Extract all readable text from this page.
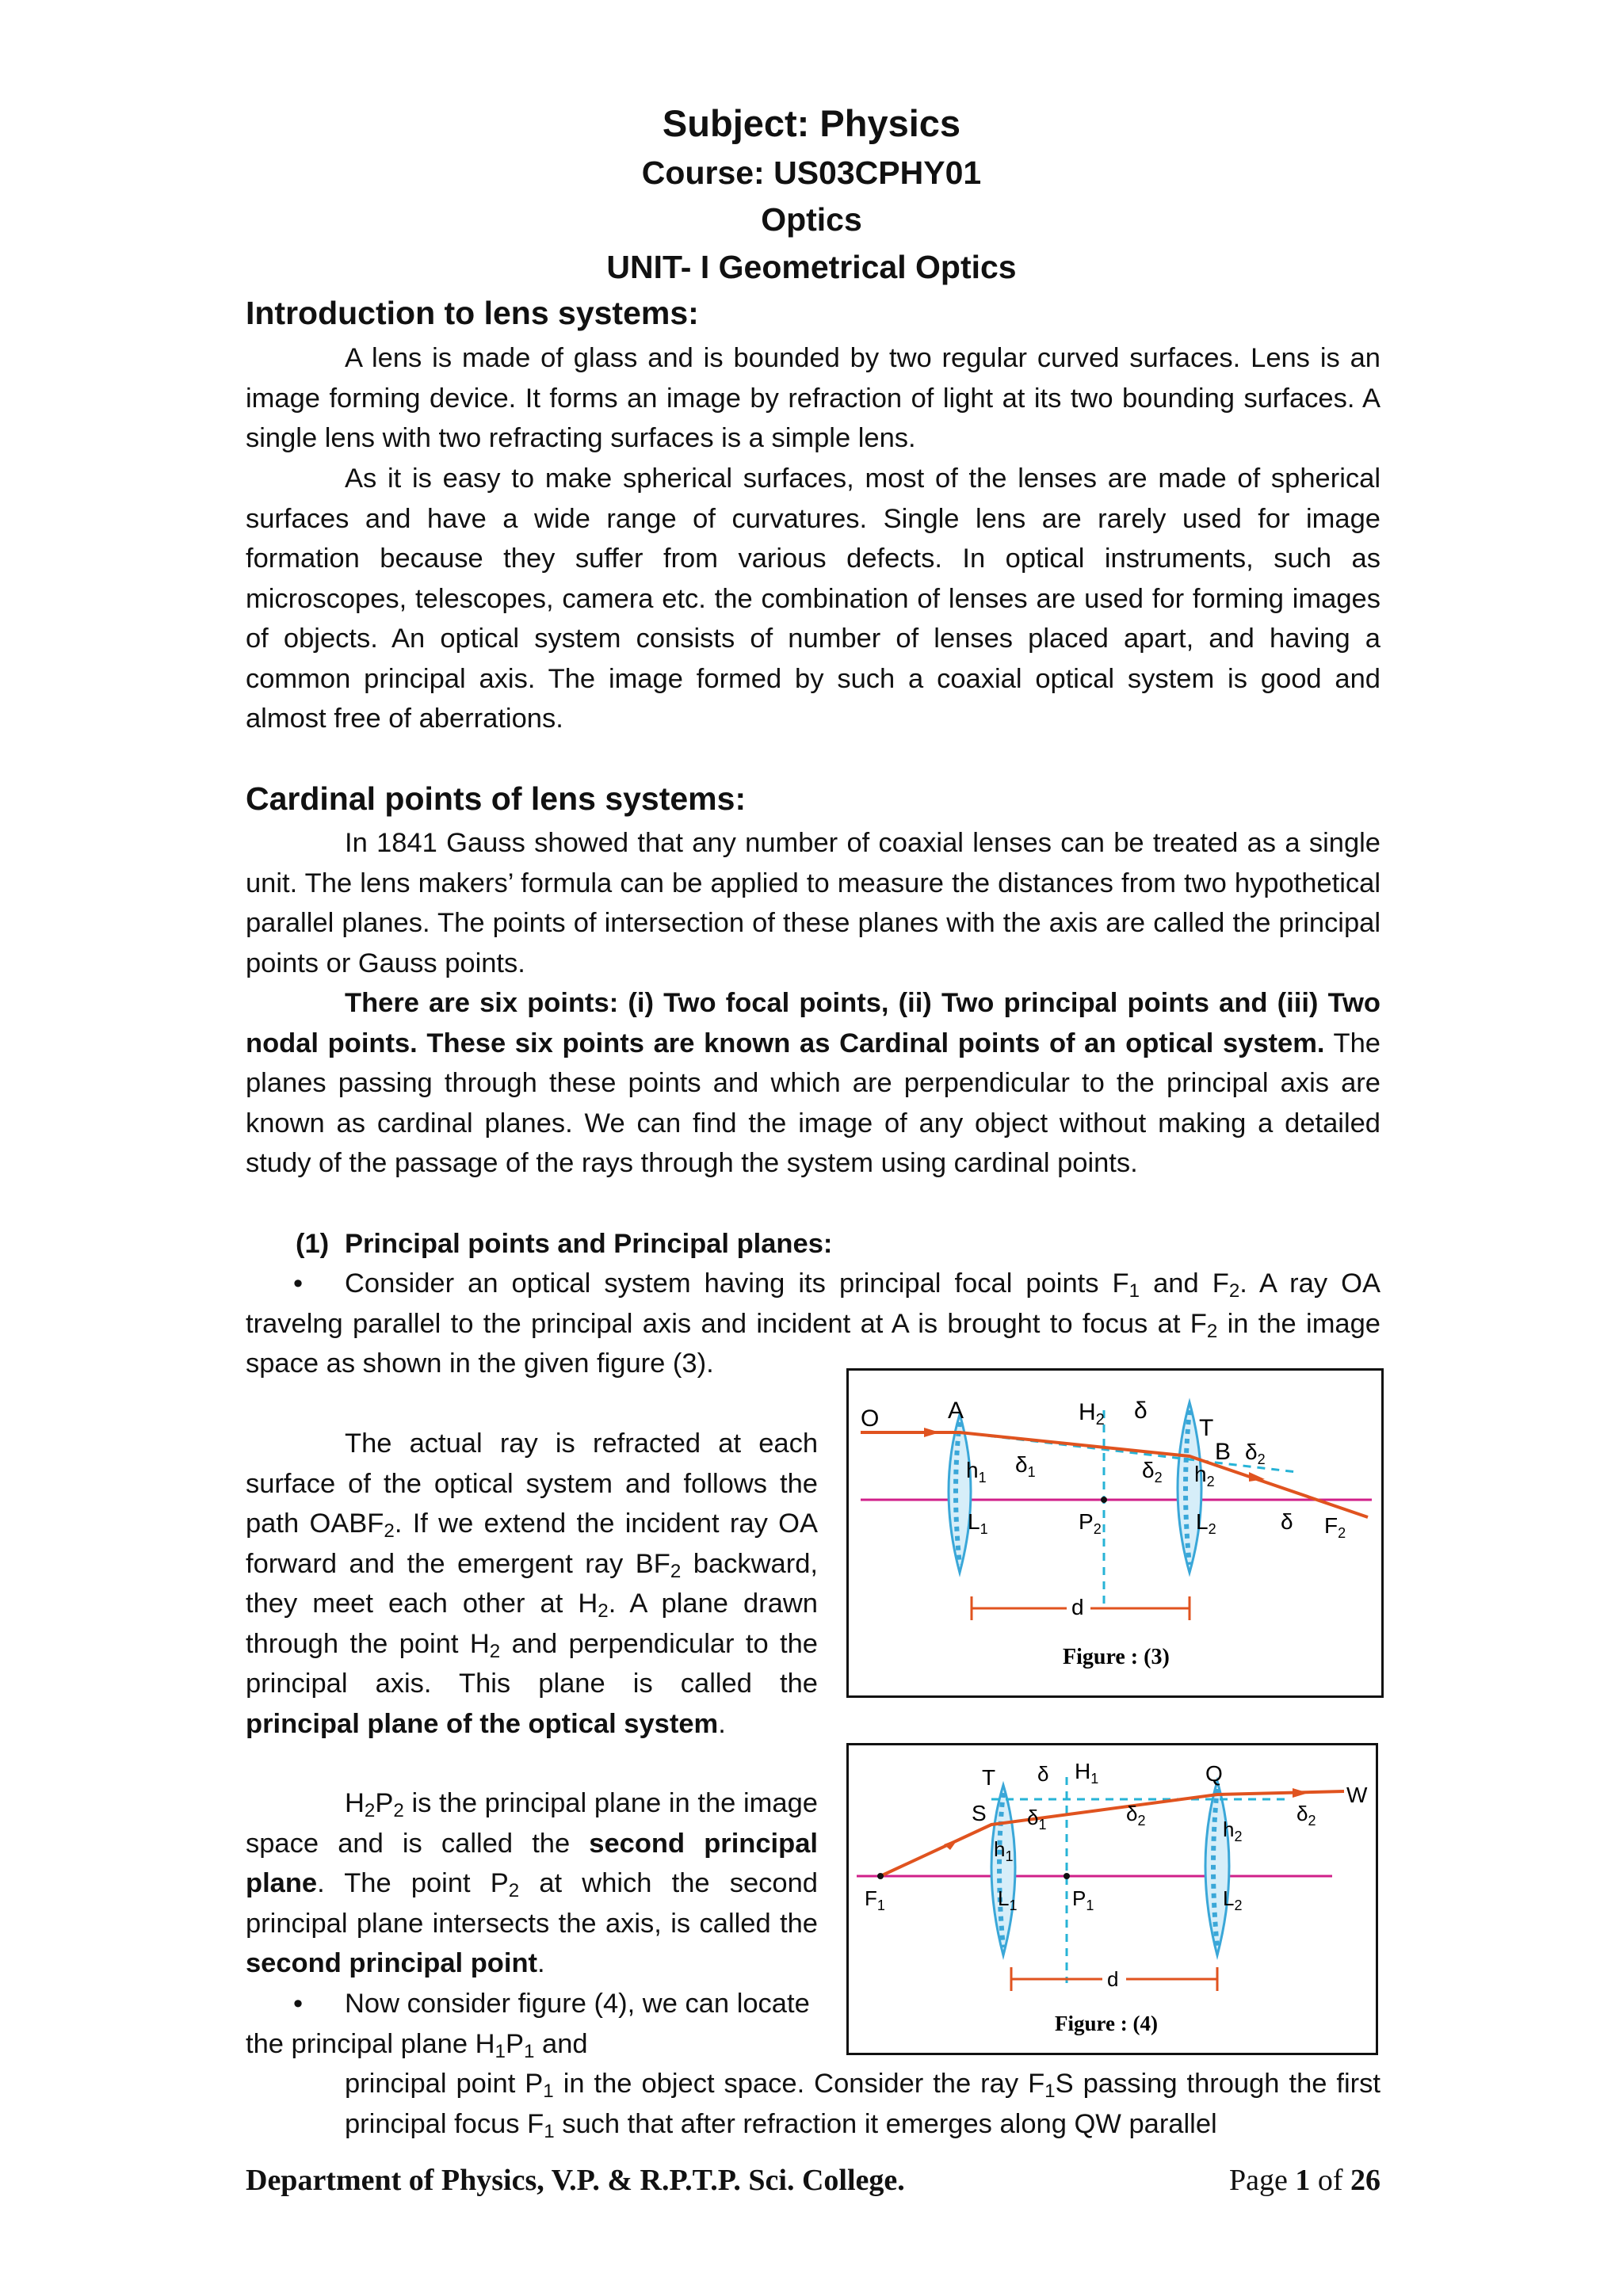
Subject: Physics
Course: US03CPHY01
Optics
UNIT- I Geometrical Optics
Introduction to lens systems:

A lens is made of glass and is bounded by two regular curved surfaces. Lens is an image forming device. It forms an image by refraction of light at its two bounding surfaces. A single lens with two refracting surfaces is a simple lens.

As it is easy to make spherical surfaces, most of the lenses are made of spherical surfaces and have a wide range of curvatures. Single lens are rarely used for image formation because they suffer from various defects. In optical instruments, such as microscopes, telescopes, camera etc. the combination of lenses are used for forming images of objects. An optical system consists of number of lenses placed apart, and having a common principal axis. The image formed by such a coaxial optical system is good and almost free of aberrations.

Cardinal points of lens systems:

In 1841 Gauss showed that any number of coaxial lenses can be treated as a single unit. The lens makers’ formula can be applied to measure the distances from two hypothetical parallel planes. The points of intersection of these planes with the axis are called the principal points or Gauss points.

There are six points: (i) Two focal points, (ii) Two principal points and (iii) Two nodal points. These six points are known as Cardinal points of an optical system. The planes passing through these points and which are perpendicular to the principal axis are known as cardinal planes. We can find the image of any object without making a detailed study of the passage of the rays through the system using cardinal points.

(1) Principal points and Principal planes:

• Consider an optical system having its principal focal points $F_1$ and $F_2$. A ray OA travelng parallel to the principal axis and incident at A is brought to focus at $F_2$ in the image space as shown in the given figure (3).

The actual ray is refracted at each surface of the optical system and follows the path $OABF_2$. If we extend the incident ray OA forward and the emergent ray $BF_2$ backward, they meet each other at $H_2$. A plane drawn through the point $H_2$ and perpendicular to the principal axis. This plane is called the principal plane of the optical system.

$H_2P_2$ is the principal plane in the image space and is called the second principal plane. The point $P_2$ at which the second principal plane intersects the axis, is called the second principal point.

• Now consider figure (4), we can locate the principal plane $H_1P_1$ and

principal point $P_1$ in the object space. Consider the ray $F_1S$ passing through the first principal focus $F_1$ such that after refraction it emerges along QW parallel

O	A	$H_2$ δ
T
B $\delta_2$
$\delta_1$	$\delta_2$
$h_1$	$h_2$
$L_1$	$L_2$
$P_2$	δ $F_2$
d
Figure : (3)
T
S
δ $H_1$	Q
W
$\delta_1$	$\delta_2$	$\delta_2$
$h_1$
$h_2$
$F_1$	$L_1$	$P_1$	$L_2$
d
Figure : (4)
Department of Physics, V.P. & R.P.T.P. Sci. College.	Page 1 of 26
